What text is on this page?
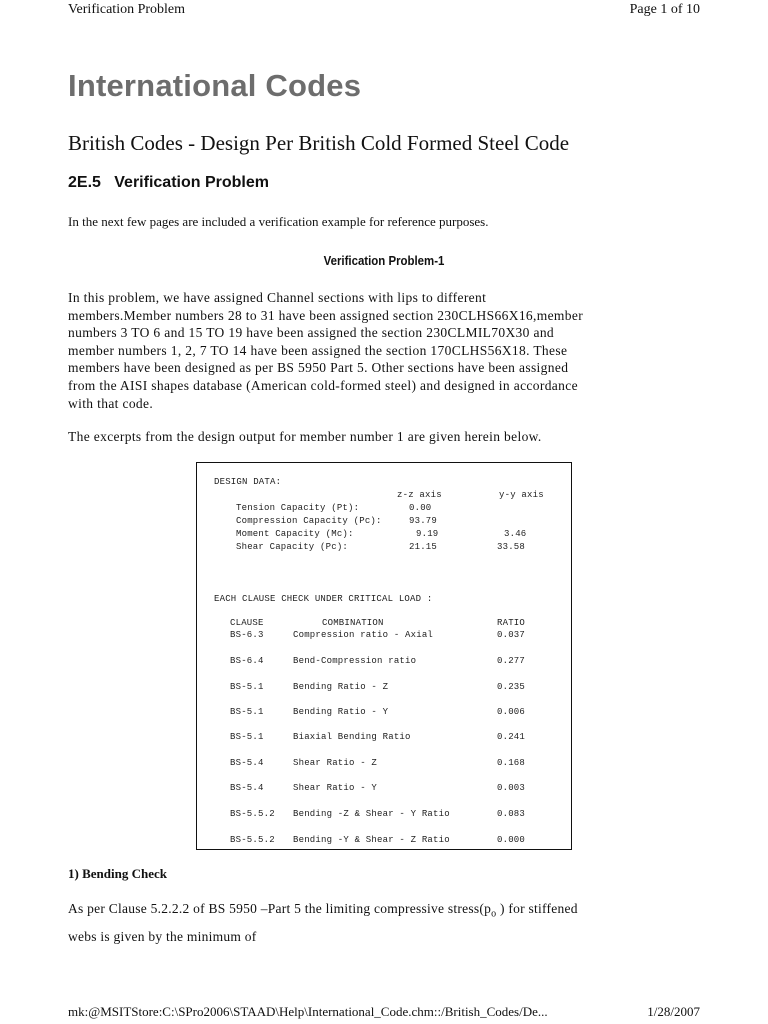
Verification Problem	Page 1 of 10
International Codes
British Codes - Design Per British Cold Formed Steel Code
2E.5 Verification Problem
In the next few pages are included a verification example for reference purposes.
Verification Problem-1
In this problem, we have assigned Channel sections with lips to different
members.Member numbers 28 to 31 have been assigned section 230CLHS66X16,member
numbers 3 TO 6 and 15 TO 19 have been assigned the section 230CLMIL70X30 and
member numbers 1, 2, 7 TO 14 have been assigned the section 170CLHS56X18. These
members have been designed as per BS 5950 Part 5. Other sections have been assigned
from the AISI shapes database (American cold-formed steel) and designed in accordance
with that code.
The excerpts from the design output for member number 1 are given herein below.
DESIGN DATA:
z-z axis	y-y axis
Tension Capacity (Pt):	0.00
Compression Capacity (Pc):	93.79
Moment Capacity (Mc):	9.19	3.46
Shear Capacity (Pc):	21.15	33.58
EACH CLAUSE CHECK UNDER CRITICAL LOAD :
CLAUSE	COMBINATION	RATIO
BS-6.3	Compression ratio - Axial	0.037
BS-6.4	Bend-Compression ratio	0.277
BS-5.1	Bending Ratio - Z	0.235
BS-5.1	Bending Ratio - Y	0.006
BS-5.1	Biaxial Bending Ratio	0.241
BS-5.4	Shear Ratio - Z	0.168
BS-5.4	Shear Ratio - Y	0.003
BS-5.5.2 Bending -Z & Shear - Y Ratio	0.083
BS-5.5.2 Bending -Y & Shear - Z Ratio	0.000
1) Bending Check
As per Clause 5.2.2.2 of BS 5950 –Part 5 the limiting compressive $stress(p_o$ ) for stiffened
webs is given by the minimum of
mk:@MSITStore:C:\SPro2006\STAAD\Help\International_Code.chm::/British_Codes/De...	1/28/2007
